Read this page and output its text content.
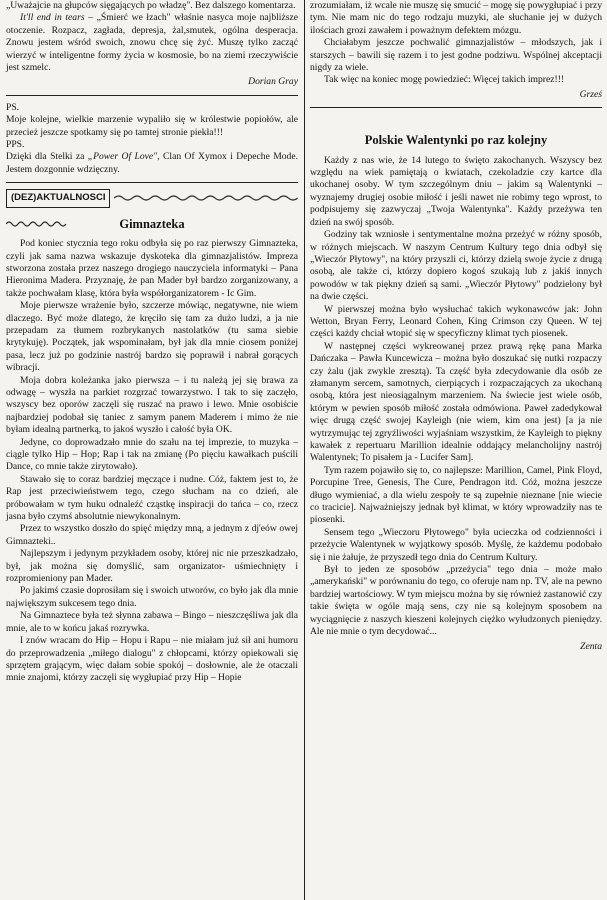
„Uważajcie na głupców sięgających po władzę". Bez dalszego komentarza.

It'll end in tears – „Śmierć we łzach" właśnie nasyca moje najbliższe otoczenie. Rozpacz, zagłada, depresja, żal,smutek, ogólna desperacja. Znowu jestem wśród swoich, znowu chcę się żyć. Muszę tylko zacząć wierzyć w inteligentne formy życia w kosmosie, bo na ziemi rzeczywiście jest szmelc.

Dorian Gray

PS.

Moje kolejne, wielkie marzenie wypaliło się w królestwie popiołów, ale przecież jeszcze spotkamy się po tamtej stronie piekła!!!

PPS.

Dzięki dla Stelki za „Power Of Love", Clan Of Xymox i Depeche Mode. Jestem dozgonnie wdzięczny.

(DEZ)AKTUALNOSCI
Gimnazteka

Pod koniec stycznia tego roku odbyła się po raz pierwszy Gimnazteka, czyli jak sama nazwa wskazuje dyskoteka dla gimnazjalistów. Impreza stworzona została przez naszego drogiego nauczyciela informatyki – Pana Hieronima Madera. Przyznaję, że pan Mader był bardzo zorganizowany, a także pochwałam klasę, która była współorganizatorem - Ic Gim.

Moje pierwsze wrażenie było, szczerze mówiąc, negatywne, nie wiem dlaczego. Być może dlatego, że kręciło się tam za dużo ludzi, a ja nie przepadam za tłumem rozbrykanych nastolatków (tu sama siebie krytykuję). Początek, jak wspominałam, był jak dla mnie ciosem poniżej pasa, lecz już po godzinie nastrój bardzo się poprawił i nabrał gorących wibracji.

Moja dobra koleżanka jako pierwsza – i tu należą jej się brawa za odwagę – wyszła na parkiet rozgrzać towarzystwo. I tak to się zaczęło, wszyscy bez oporów zaczęli się ruszać na prawo i lewo. Mnie osobiście najbardziej podobał się taniec z samym panem Maderem i mimo że nie byłam idealną partnerką, to jakoś wyszło i całość była OK.

Jedyne, co doprowadzało mnie do szału na tej imprezie, to muzyka – ciągle tylko Hip – Hop; Rap i tak na zmianę (Po pięciu kawałkach puścili Dance, co mnie także zirytowało).

Stawało się to coraz bardziej męczące i nudne. Cóż, faktem jest to, że Rap jest przeciwieństwem tego, czego słucham na co dzień, ale próbowałam w tym huku odnaleźć cząstkę inspiracji do tańca – co, rzecz jasna było czymś absolutnie niewykonalnym.

Przez to wszystko doszło do spięć między mną, a jednym z dj'eów owej Gimnazteki..

Najlepszym i jedynym przykładem osoby, której nic nie przeszkadzało, był, jak można się domyślić, sam organizator- uśmiechnięty i rozpromieniony pan Mader.

Po jakimś czasie doprosiłam się i swoich utworów, co było jak dla mnie największym sukcesem tego dnia.

Na Gimnaztece była też słynna zabawa – Bingo – nieszczęśliwa jak dla mnie, ale to w końcu jakaś rozrywka.

I znów wracam do Hip – Hopu i Rapu – nie miałam już sił ani humoru do przeprowadzenia „miłego dialogu" z chłopcami, którzy opiekowali się sprzętem grającym, więc dałam sobie spokój – dosłownie, ale że otaczali mnie znajomi, którzy zaczęli się wygłupiać przy Hip – Hopie

zrozumiałam, iż wcale nie muszę się smucić – mogę się powygłupiać i przy tym. Nie mam nic do tego rodzaju muzyki, ale słuchanie jej w dużych ilościach grozi zawałem i poważnym defektem mózgu.

Chciałabym jeszcze pochwalić gimnazjalistów – młodszych, jak i starszych – bawili się razem i to jest godne podziwu. Wspólnej akceptacji nigdy za wiele.

Tak więc na koniec mogę powiedzieć: Więcej takich imprez!!!

Grześ

Polskie Walentynki po raz kolejny

Każdy z nas wie, że 14 lutego to święto zakochanych. Wszyscy bez względu na wiek pamiętają o kwiatach, czekoladzie czy kartce dla ukochanej osoby. W tym szczególnym dniu – jakim są Walentynki – wyznajemy drugiej osobie miłość i jeśli nawet nie robimy tego wprost, to podpisujemy się zazwyczaj „Twoja Walentynka". Każdy przeżywa ten dzień na swój sposób.

Godziny tak wzniosłe i sentymentalne można przeżyć w różny sposób, w różnych miejscach. W naszym Centrum Kultury tego dnia odbył się „Wieczór Płytowy", na który przyszli ci, którzy dzielą swoje życie z drugą osobą, ale także ci, którzy dopiero kogoś szukają lub z jakiś innych powodów w tak piękny dzień są sami. „Wieczór Płytowy" podzielony był na dwie części.

W pierwszej można było wysłuchać takich wykonawców jak: John Wetton, Bryan Ferry, Leonard Cohen, King Crimson czy Queen. W tej części każdy chciał wtopić się w specyficzny klimat tych piosenek.

W następnej części wykreowanej przez prawą rękę pana Marka Dańczaka – Pawła Kuncewicza – można było doszukać się nutki rozpaczy czy żalu (jak zwykle zresztą). Ta część była zdecydowanie dla osób ze złamanym sercem, samotnych, cierpiących i rozpaczających za ukochaną osobą, która jest nieosiągalnym marzeniem. Na świecie jest wiele osób, którym w pewien sposób miłość została odmówiona. Paweł zadedykował więc drugą część swojej Kayleigh (nie wiem, kim ona jest) [a ja nie wytrzymując tej zgryźliwości wyjaśniam wszystkim, że Kayleigh to piękny kawałek z repertuaru Marillion idealnie oddający melancholijny nastrój Walentynek; To pisałem ja - Lucifer Sam].

Tym razem pojawiło się to, co najlepsze: Marillion, Camel, Pink Floyd, Porcupine Tree, Genesis, The Cure, Pendragon itd. Cóż, można jeszcze długo wymieniać, a dla wielu zespoły te są zupełnie nieznane [nie wiecie co tracicie]. Najważniejszy jednak był klimat, w który wprowadziły nas te piosenki.

Sensem tego „Wieczoru Płytowego" była ucieczka od codzienności i przeżycie Walentynek w wyjątkowy sposób. Myślę, że każdemu podobało się i nie żałuje, że przyszedł tego dnia do Centrum Kultury.

Był to jeden ze sposobów „przeżycia" tego dnia – może mało „amerykański" w porównaniu do tego, co oferuje nam np. TV, ale na pewno bardziej wartościowy. W tym miejscu można by się również zastanowić czy takie święta w ogóle mają sens, czy nie są kolejnym sposobem na wyciągnięcie z naszych kieszeni kolejnych ciężko wyłudzonych pieniędzy. Ale nie mnie o tym decydować...

Zenta
